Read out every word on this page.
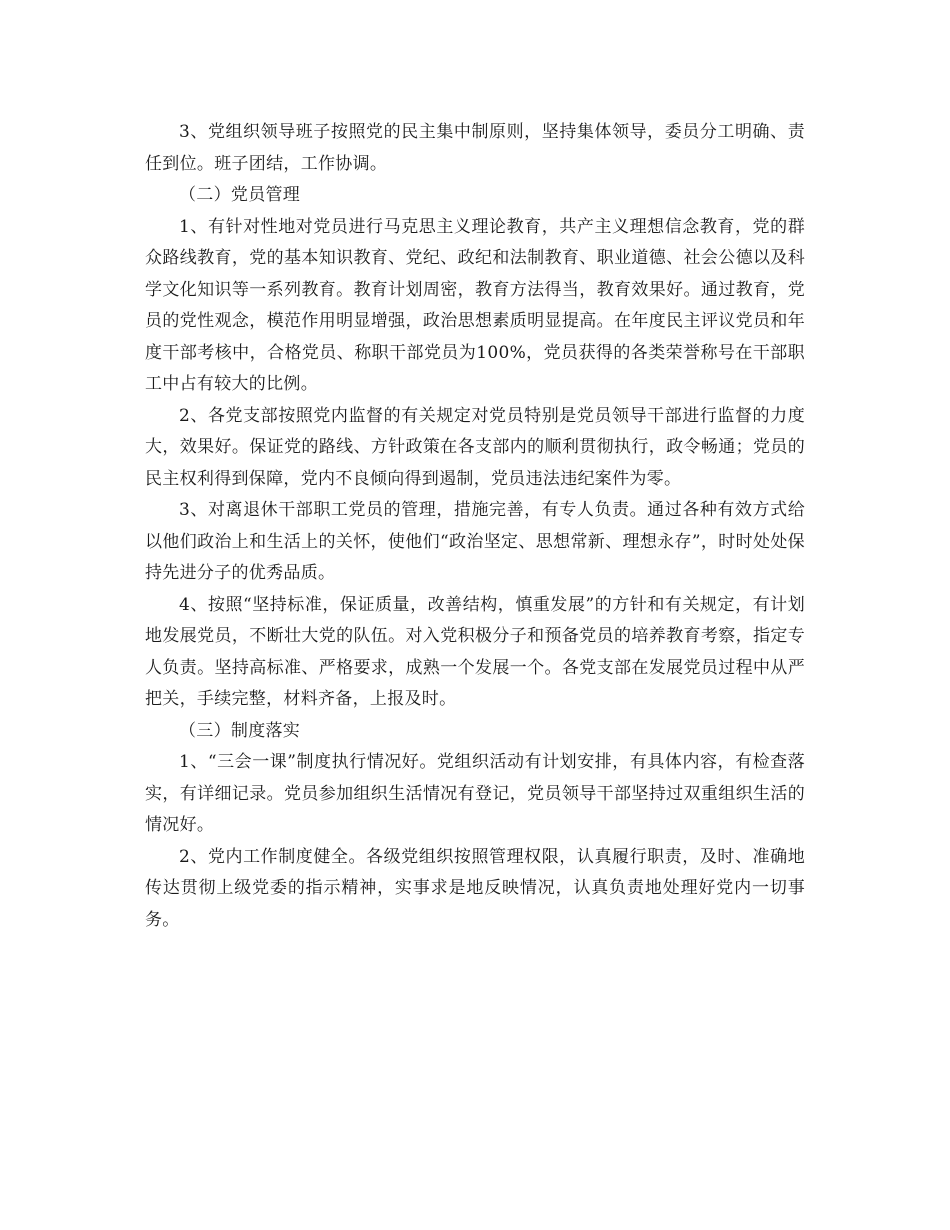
3、党组织领导班子按照党的民主集中制原则，坚持集体领导，委员分工明确、责任到位。班子团结，工作协调。

（二）党员管理

1、有针对性地对党员进行马克思主义理论教育，共产主义理想信念教育，党的群众路线教育，党的基本知识教育、党纪、政纪和法制教育、职业道德、社会公德以及科学文化知识等一系列教育。教育计划周密，教育方法得当，教育效果好。通过教育，党员的党性观念，模范作用明显增强，政治思想素质明显提高。在年度民主评议党员和年度干部考核中，合格党员、称职干部党员为100%，党员获得的各类荣誉称号在干部职工中占有较大的比例。

2、各党支部按照党内监督的有关规定对党员特别是党员领导干部进行监督的力度大，效果好。保证党的路线、方针政策在各支部内的顺利贯彻执行，政令畅通；党员的民主权利得到保障，党内不良倾向得到遏制，党员违法违纪案件为零。

3、对离退休干部职工党员的管理，措施完善，有专人负责。通过各种有效方式给以他们政治上和生活上的关怀，使他们“政治坚定、思想常新、理想永存”，时时处处保持先进分子的优秀品质。

4、按照“坚持标准，保证质量，改善结构，慎重发展”的方针和有关规定，有计划地发展党员，不断壮大党的队伍。对入党积极分子和预备党员的培养教育考察，指定专人负责。坚持高标准、严格要求，成熟一个发展一个。各党支部在发展党员过程中从严把关，手续完整，材料齐备，上报及时。

（三）制度落实

1、“三会一课”制度执行情况好。党组织活动有计划安排，有具体内容，有检查落实，有详细记录。党员参加组织生活情况有登记，党员领导干部坚持过双重组织生活的情况好。

2、党内工作制度健全。各级党组织按照管理权限，认真履行职责，及时、准确地传达贯彻上级党委的指示精神，实事求是地反映情况，认真负责地处理好党内一切事务。
